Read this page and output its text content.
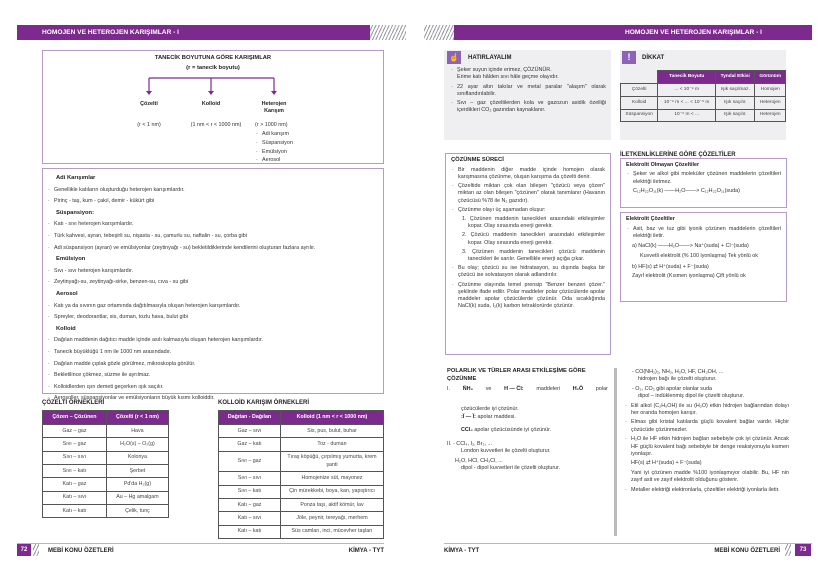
HOMOJEN VE HETEROJEN KARIŞIMLAR - I
TANECİK BOYUTUNA GÖRE KARIŞIMLAR
(r = tanecik boyutu)
Çözelti	Kolloid	Heterojen Karışım
(r < 1 nm)	(1 nm < r < 1000 nm)	(r > 1000 nm)
· Adi karışım
· Süspansiyon
· Emülsiyon
· Aerosol
Adi Karışımlar
· Genellikle katıların oluşturduğu heterojen karışımlardır.
· Pirinç - taş, kum - çakıl, demir - kükürt gibi
Süspansiyon:
· Katı - sıvı heterojen karışımlardır.
· Türk kahvesi, ayran, tebeşirli su, nişasta - su, çamurlu su, naftalin - su, çorba gibi
· Adi süspansiyon (ayran) ve emülsiyonlar (zeytinyağı - su) bekletildiklerinde kendilerini oluşturan fazlara ayrılır.
Emülsiyon
· Sıvı - sıvı heterojen karışımlardır.
· Zeytinyağı-su, zeytinyağı-sirke, benzen-su, cıva - su gibi
Aerosol
· Katı ya da sıvının gaz ortamında dağıtılmasıyla oluşan heterojen karışımlardır.
· Spreyler, deodorantlar, sis, duman, tozlu hava, bulut gibi
Kolloid
· Dağılan maddenin dağıtıcı madde içinde asılı kalmasıyla oluşan heterojen karışımlardır.
· Tanecik büyüklüğü 1 nm ile 1000 nm arasındadır.
· Dağılan madde çıplak gözle görülmez, mikroskopla görülür.
· Bekletilince çökmez, süzme ile ayrılmaz.
· Kolloidlerden ışın demeti geçerken ışık saçılır.
· Aerosoller, süspansiyonlar ve emülsiyonların büyük kısmı kolloiddir.
ÇÖZELTİ ÖRNEKLERİ
Çözen – Çözünen	Çözelti (r < 1 nm)
Gaz – gaz	Hava
Sıvı – gaz	H₂O(s) – O₂(g)
Sıvı – sıvı	Kolonya
Sıvı – katı	Şerbet
Katı – gaz	Pd'da H₂(g)
Katı – sıvı	Au – Hg amalgam
Katı – katı	Çelik, tunç
KOLLOİD KARIŞIM ÖRNEKLERİ
Dağıtan - Dağılan	Kolloid (1 nm < r < 1000 nm)
Gaz – sıvı	Sis, pus, bulut, buhar
Gaz – katı	Toz - duman
Sıvı – gaz	Tıraş köpüğü, çırpılmış yumurta, krem şanti
Sıvı – sıvı	Homojenize süt, mayonez
Sıvı – katı	Çin mürekkebi, boya, kan, yapıştırıcı
Katı – gaz	Ponza taşı, aktif kömür, lav
Katı – sıvı	Jöle, peynir, tereyağı, merhem
Katı – katı	Süs camları, inci, mücevher taşları
72	MEBİ KONU ÖZETLERİ	KİMYA - TYT
HOMOJEN VE HETEROJEN KARIŞIMLAR - I
☝	HATIRLAYALIM
· Şeker suyun içinde erimez, ÇÖZÜNÜR.
Erime katı hâlden sıvı hâle geçme olayıdır.
· 22 ayar altın takılar ve metal paralar "alaşım" olarak sınıflandırılabilir.
· Sıvı – gaz çözeltilerden kola ve gazozun asidik özelliği içerdikleri CO₂ gazından kaynaklanır.
!	DİKKAT
	Tanecik Boyutu	Tyndal Etkisi	Görünüm
Çözelti	... < 10⁻⁹ m	Işık saçılmaz.	Homojen
Kolloid	10⁻⁹ m < ... < 10⁻⁶ m	Işık saçılır.	Heterojen
Süspansiyon	10⁻⁶ m < ...	Işık saçılır.	Heterojen
ÇÖZÜNME SÜRECİ
· Bir maddenin diğer madde içinde homojen olarak karışmasına çözünme, oluşan karışıma da çözelti denir.
· Çözeltide miktarı çok olan bileşen "çözücü veya çözen" miktarı az olan bileşen "çözünen" olarak tanımlanır (Havanın çözücüsü %78 ile N₂ gazıdır).
· Çözünme olayı üç aşamadan oluşur:
1. Çözünen maddenin tanecikleri arasındaki etkileşimler kopar. Olay sırasında enerji gerekir.
2. Çözücü maddenin tanecikleri arasındaki etkileşimler kopar. Olay sırasında enerji gerekir.
3. Çözünen maddenin tanecikleri çözücü maddenin tanecikleri ile sarılır. Genellikle enerji açığa çıkar.
· Bu olay; çözücü su ise hidratasyon, su dışında başka bir çözücü ise solvatasyon olarak adlandırılır.
· Çözünme olayında temel prensip "Benzer benzeri çözer." şeklinde ifade edilir. Polar maddeler polar çözücülerde apolar maddeler apolar çözücülerde çözünür. Oda sıcaklığında NaCl(k) suda, I₂(k) karbon tetraklorürde çözünür.
POLARLIK VE TÜRLER ARASI ETKİLEŞİME GÖRE ÇÖZÜNME
I. N̈H₃ ve H — C̈l: maddeleri H₂Ö polar
çözücülerde iyi çözünür.
:Ï — Ï: apolar maddesi.
CCl₄ apolar çözücüsünde iyi çözünür.
II. - CCl₄, I₂, Br₂, ...
London kuvvetleri ile çözelti oluşturur.
H₂O, HCl, CH₃Cl, ...
dipol - dipol kuvvetleri ile çözelti oluşturur.
İLETKENLİKLERİNE GÖRE ÇÖZELTİLER
Elektrolit Olmayan Çözeltiler
· Şeker ve alkol gibi moleküler çözünen maddelerin çözeltileri elektriği iletmez.
C₁₂H₂₂O₁₁(k) ——H₂O——> C₁₂H₂₂O₁₁(suda)
Elektrolit Çözeltiler
· Asit, baz ve tuz gibi iyonik çözünen maddelerin çözeltileri elektriği iletir.
a) NaCl(k) ——H₂O——> Na⁺(suda) + Cl⁻(suda)
Kuvvetli elektrolit (% 100 iyonlaşma) Tek yönlü ok
b) HF(s) ⇄ H⁺(suda) + F⁻(suda)
Zayıf elektrolit (Kısmen iyonlaşma) Çift yönlü ok
- CO(NH₂)₂, NH₃, H₂O, HF, CH₃OH, ...
hidrojen bağı ile çözelti oluşturur.
- O₂, CO₂ gibi apolar olanlar suda
dipol – indüklenmiş dipol ile çözelti oluşturur.
· Etil alkol (C₂H₅OH) ile su (H₂O) etkin hidrojen bağlarından dolayı her oranda homojen karışır.
· Elmas gibi kristal katılarda güçlü kovalent bağlar vardır. Hiçbir çözücüde çözünmezler.
· H₂O ile HF etkin hidrojen bağları sebebiyle çok iyi çözünür. Ancak HF güçlü kovalent bağı sebebiyle bir denge reaksiyonuyla kısmen iyonlaşır.
HF(s) ⇄ H⁺(suda) + F⁻(suda)
Yani iyi çözünen madde %100 iyonlaşmıyor olabilir. Bu, HF nin zayıf asit ve zayıf elektrolit olduğunu gösterir.
· Metaller elektriği elektronlarla, çözeltiler elektriği iyonlarla iletir.
KİMYA - TYT	MEBİ KONU ÖZETLERİ	73
